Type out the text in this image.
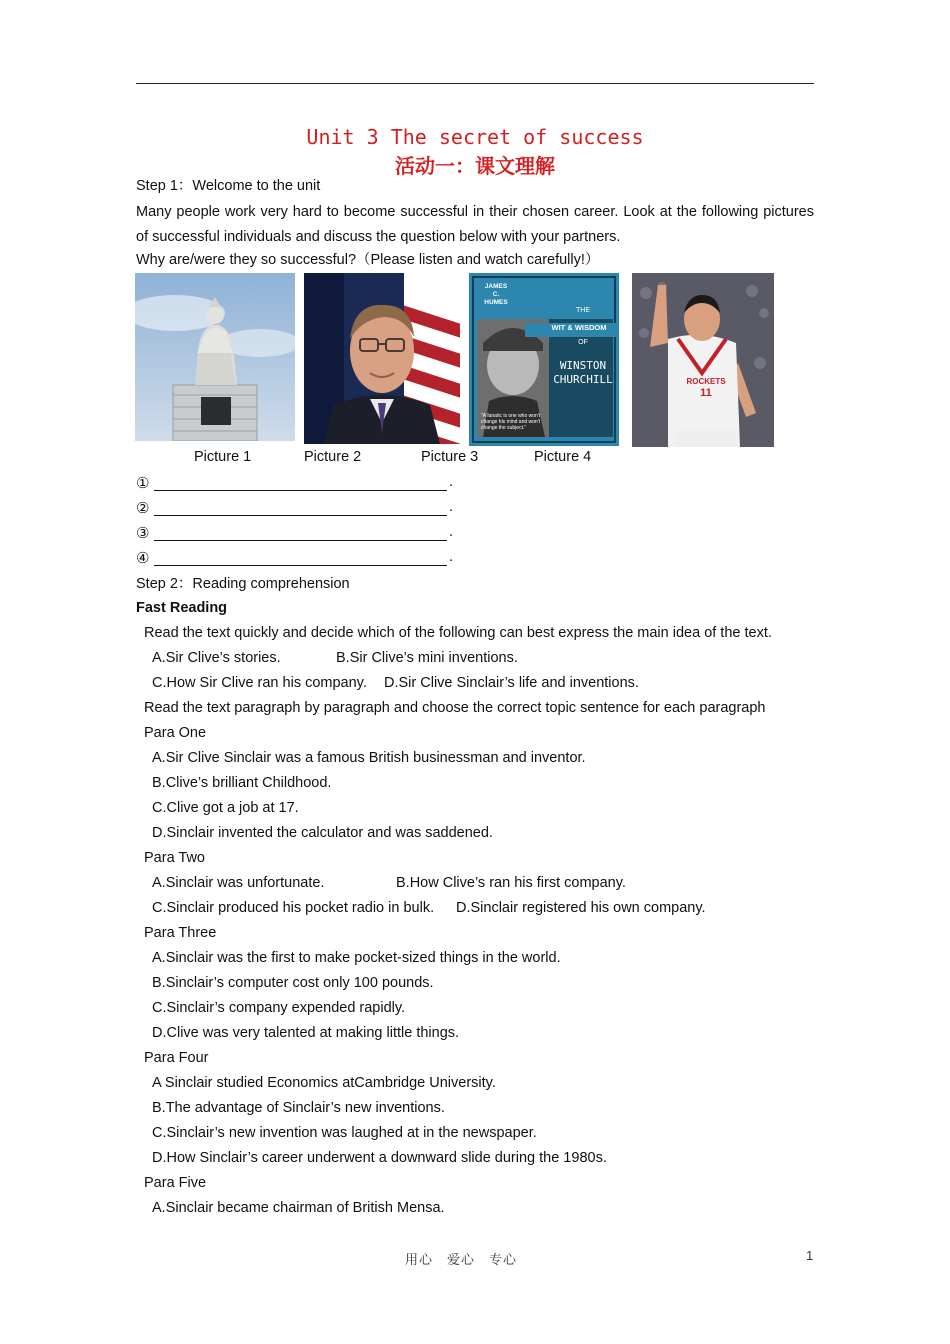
Unit 3 The secret of success
活动一：课文理解
Step 1：Welcome to the unit
Many people work very hard to become successful in their chosen career. Look at the following pictures of successful individuals and discuss the question below with your partners.
Why are/were they so successful?（Please listen and watch carefully!）
JAMES
C.
HUMES
THE
WIT & WISDOM
OF
WINSTON
CHURCHILL
"A fanatic is one who won't change his mind and won't change the subject."
ROCKETS
11
Picture 1	Picture 2	Picture 3	Picture 4
①	.
②	.
③	.
④	.
Step 2：Reading comprehension
Fast Reading
Read the text quickly and decide which of the following can best express the main idea of the text.
A.Sir Clive’s stories.	B.Sir Clive’s mini inventions.
C.How Sir Clive ran his company. D.Sir Clive Sinclair’s life and inventions.
Read the text paragraph by paragraph and choose the correct topic sentence for each paragraph
Para One
A.Sir Clive Sinclair was a famous British businessman and inventor.
B.Clive’s brilliant Childhood.
C.Clive got a job at 17.
D.Sinclair invented the calculator and was saddened.
Para Two
A.Sinclair was unfortunate.	B.How Clive’s ran his first company.
C.Sinclair produced his pocket radio in bulk. D.Sinclair registered his own company.
Para Three
A.Sinclair was the first to make pocket-sized things in the world.
B.Sinclair’s computer cost only 100 pounds.
C.Sinclair’s company expended rapidly.
D.Clive was very talented at making little things.
Para Four
A Sinclair studied Economics atCambridge University.
B.The advantage of Sinclair’s new inventions.
C.Sinclair’s new invention was laughed at in the newspaper.
D.How Sinclair’s career underwent a downward slide during the 1980s.
Para Five
A.Sinclair became chairman of British Mensa.
用心　爱心　专心	1
